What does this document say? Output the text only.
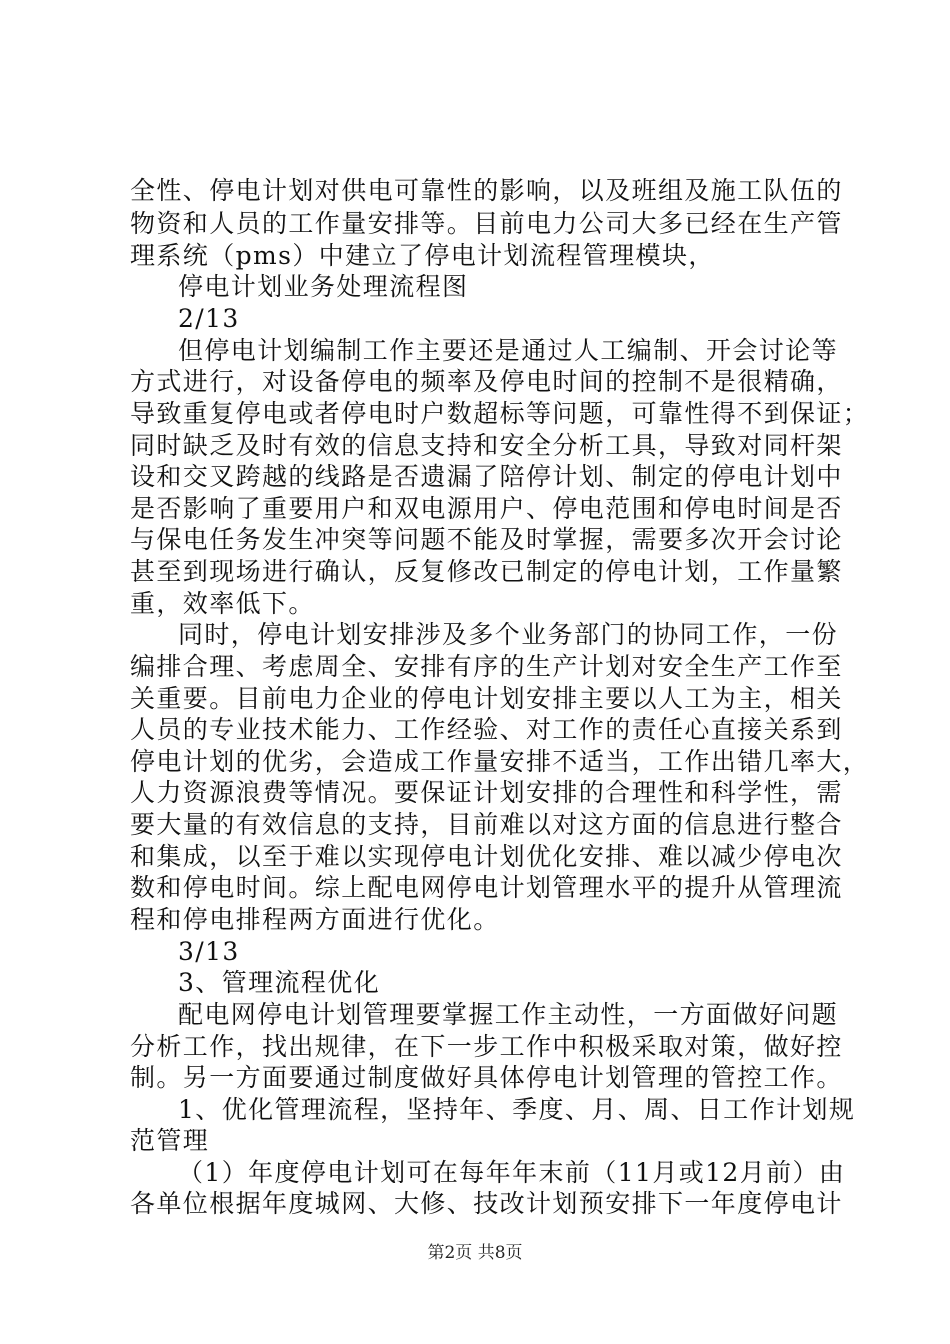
全性、停电计划对供电可靠性的影响，以及班组及施工队伍的
物资和人员的工作量安排等。目前电力公司大多已经在生产管
理系统（pms）中建立了停电计划流程管理模块，
停电计划业务处理流程图
2/13
但停电计划编制工作主要还是通过人工编制、开会讨论等
方式进行，对设备停电的频率及停电时间的控制不是很精确，
导致重复停电或者停电时户数超标等问题，可靠性得不到保证；
同时缺乏及时有效的信息支持和安全分析工具，导致对同杆架
设和交叉跨越的线路是否遗漏了陪停计划、制定的停电计划中
是否影响了重要用户和双电源用户、停电范围和停电时间是否
与保电任务发生冲突等问题不能及时掌握，需要多次开会讨论
甚至到现场进行确认，反复修改已制定的停电计划，工作量繁
重，效率低下。
同时，停电计划安排涉及多个业务部门的协同工作，一份
编排合理、考虑周全、安排有序的生产计划对安全生产工作至
关重要。目前电力企业的停电计划安排主要以人工为主，相关
人员的专业技术能力、工作经验、对工作的责任心直接关系到
停电计划的优劣，会造成工作量安排不适当，工作出错几率大，
人力资源浪费等情况。要保证计划安排的合理性和科学性，需
要大量的有效信息的支持，目前难以对这方面的信息进行整合
和集成，以至于难以实现停电计划优化安排、难以减少停电次
数和停电时间。综上配电网停电计划管理水平的提升从管理流
程和停电排程两方面进行优化。
3/13
3、管理流程优化
配电网停电计划管理要掌握工作主动性，一方面做好问题
分析工作，找出规律，在下一步工作中积极采取对策，做好控
制。另一方面要通过制度做好具体停电计划管理的管控工作。
1、优化管理流程，坚持年、季度、月、周、日工作计划规
范管理
（1）年度停电计划可在每年年末前（11月或12月前）由
各单位根据年度城网、大修、技改计划预安排下一年度停电计
第2页 共8页
